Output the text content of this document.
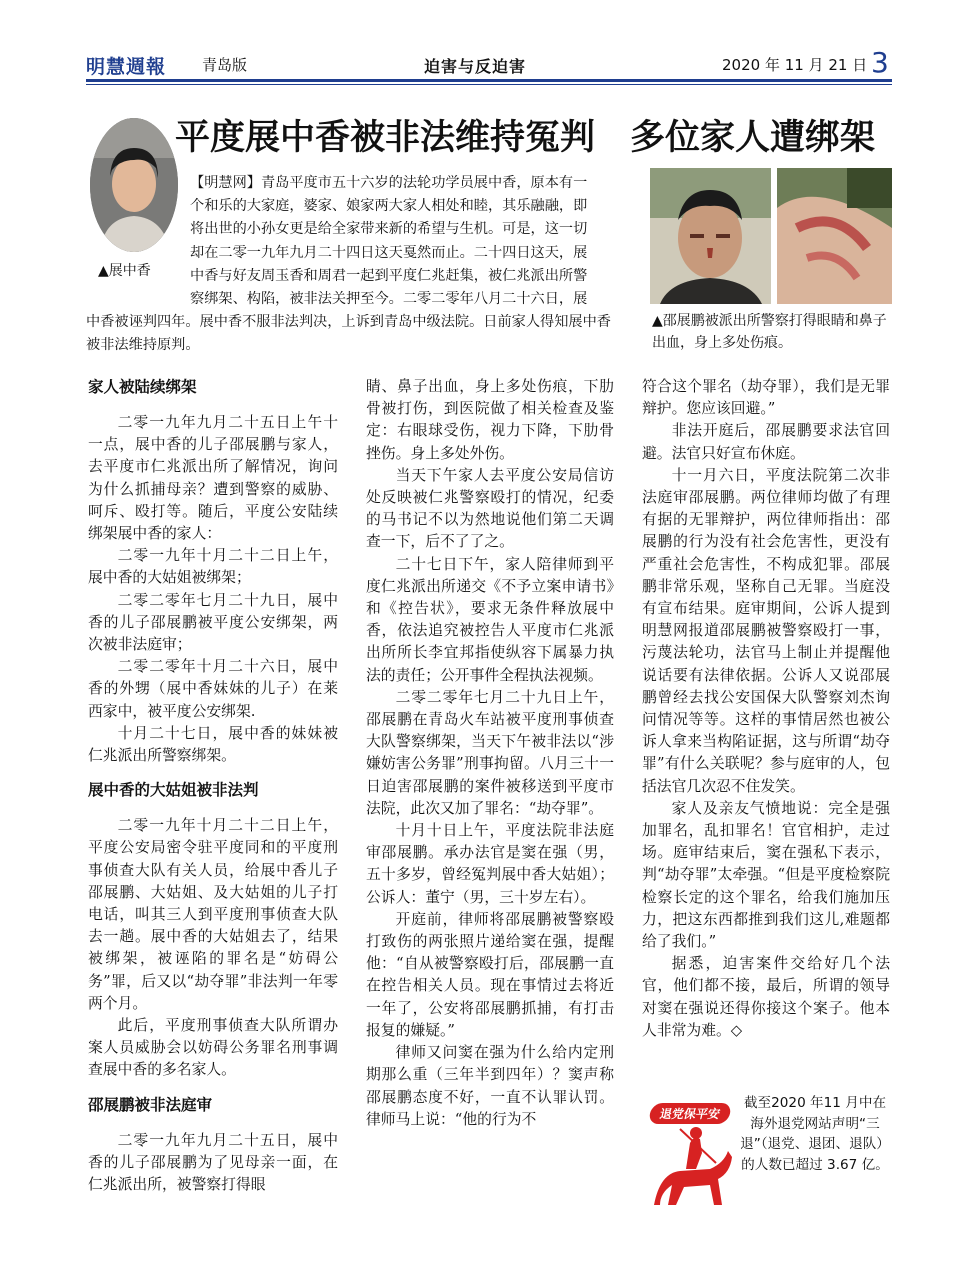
明慧週報 青岛版	迫害与反迫害	2020 年 11 月 21 日 3
平度展中香被非法维持冤判　多位家人遭绑架
▲展中香

【明慧网】青岛平度市五十六岁的法轮功学员展中香，原本有一个和乐的大家庭，婆家、娘家两大家人相处和睦，其乐融融，即将出世的小孙女更是给全家带来新的希望与生机。可是，这一切却在二零一九年九月二十四日这天戛然而止。二十四日这天，展中香与好友周玉香和周君一起到平度仁兆赶集，被仁兆派出所警察绑架、构陷，被非法关押至今。二零二零年八月二十六日，展中香被诬判四年。展中香不服非法判决，上诉到青岛中级法院。日前家人得知展中香被非法维持原判。

▲邵展鹏被派出所警察打得眼睛和鼻子出血，身上多处伤痕。
家人被陆续绑架

二零一九年九月二十五日上午十一点，展中香的儿子邵展鹏与家人，去平度市仁兆派出所了解情况，询问为什么抓捕母亲？遭到警察的威胁、呵斥、殴打等。随后，平度公安陆续绑架展中香的家人：

二零一九年十月二十二日上午，展中香的大姑姐被绑架；

二零二零年七月二十九日，展中香的儿子邵展鹏被平度公安绑架，两次被非法庭审；

二零二零年十月二十六日，展中香的外甥（展中香妹妹的儿子）在莱西家中，被平度公安绑架.

十月二十七日，展中香的妹妹被仁兆派出所警察绑架。

展中香的大姑姐被非法判

二零一九年十月二十二日上午，平度公安局密令驻平度同和的平度刑事侦查大队有关人员，给展中香儿子邵展鹏、大姑姐、及大姑姐的儿子打电话，叫其三人到平度刑事侦查大队去一趟。展中香的大姑姐去了，结果被绑架，被诬陷的罪名是“妨碍公务”罪，后又以“劫夺罪”非法判一年零两个月。

此后，平度刑事侦查大队所谓办案人员威胁会以妨碍公务罪名刑事调查展中香的多名家人。

邵展鹏被非法庭审

二零一九年九月二十五日，展中香的儿子邵展鹏为了见母亲一面，在仁兆派出所，被警察打得眼

睛、鼻子出血，身上多处伤痕，下肋骨被打伤，到医院做了相关检查及鉴定：右眼球受伤，视力下降，下肋骨挫伤。身上多处外伤。

当天下午家人去平度公安局信访处反映被仁兆警察殴打的情况，纪委的马书记不以为然地说他们第二天调查一下，后不了了之。

二十七日下午，家人陪律师到平度仁兆派出所递交《不予立案申请书》和《控告状》，要求无条件释放展中香，依法追究被控告人平度市仁兆派出所所长李宜邦指使纵容下属暴力执法的责任；公开事件全程执法视频。

二零二零年七月二十九日上午，邵展鹏在青岛火车站被平度刑事侦查大队警察绑架，当天下午被非法以“涉嫌妨害公务罪”刑事拘留。八月三十一日迫害邵展鹏的案件被移送到平度市法院，此次又加了罪名：“劫夺罪”。

十月十日上午，平度法院非法庭审邵展鹏。承办法官是窦在强（男，五十多岁，曾经冤判展中香大姑姐）；公诉人：董宁（男，三十岁左右）。

开庭前，律师将邵展鹏被警察殴打致伤的两张照片递给窦在强，提醒他：“自从被警察殴打后，邵展鹏一直在控告相关人员。现在事情过去将近一年了，公安将邵展鹏抓捕，有打击报复的嫌疑。”

律师又问窦在强为什么给内定刑期那么重（三年半到四年）？窦声称邵展鹏态度不好，一直不认罪认罚。律师马上说：“他的行为不

符合这个罪名（劫夺罪），我们是无罪辩护。您应该回避。”

非法开庭后，邵展鹏要求法官回避。法官只好宣布休庭。

十一月六日，平度法院第二次非法庭审邵展鹏。两位律师均做了有理有据的无罪辩护，两位律师指出：邵展鹏的行为没有社会危害性，更没有严重社会危害性，不构成犯罪。邵展鹏非常乐观，坚称自己无罪。当庭没有宣布结果。庭审期间，公诉人提到明慧网报道邵展鹏被警察殴打一事，污蔑法轮功，法官马上制止并提醒他说话要有法律依据。公诉人又说邵展鹏曾经去找公安国保大队警察刘杰询问情况等等。这样的事情居然也被公诉人拿来当构陷证据，这与所谓“劫夺罪”有什么关联呢？参与庭审的人，包括法官几次忍不住发笑。

家人及亲友气愤地说：完全是强加罪名，乱扣罪名！官官相护，走过场。庭审结束后，窦在强私下表示，判“劫夺罪”太牵强。“但是平度检察院检察长定的这个罪名，给我们施加压力，把这东西都推到我们这儿,难题都给了我们。”

据悉，迫害案件交给好几个法官，他们都不接，最后，所谓的领导对窦在强说还得你接这个案子。他本人非常为难。◇

退党保平安
截至2020 年11 月中在海外退党网站声明“三退”（退党、退团、退队）的人数已超过 3.67 亿。
